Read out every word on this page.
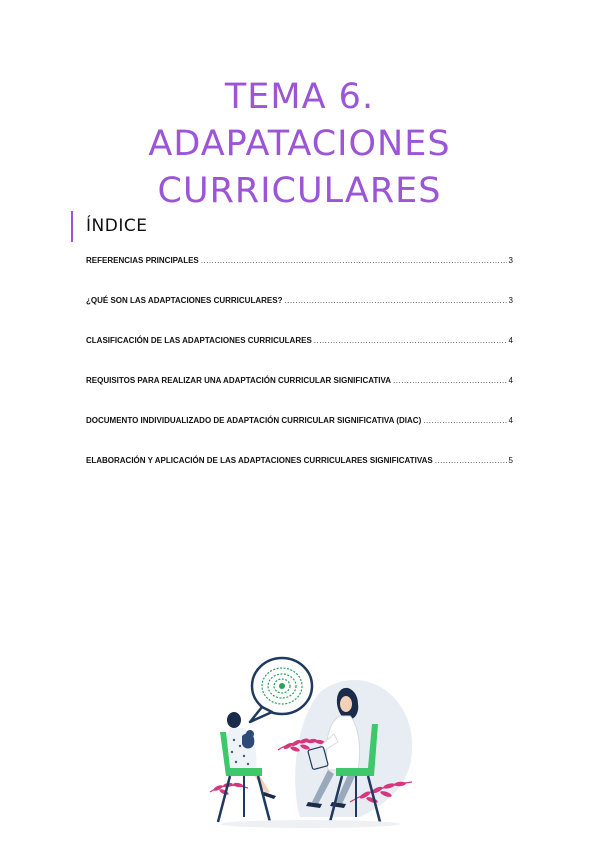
TEMA 6.
ADAPATACIONES
CURRICULARES
ÍNDICE
REFERENCIAS PRINCIPALES .....	3
¿QUÉ SON LAS ADAPTACIONES CURRICULARES? .....	3
CLASIFICACIÓN DE LAS ADAPTACIONES CURRICULARES .....	4
REQUISITOS PARA REALIZAR UNA ADAPTACIÓN CURRICULAR SIGNIFICATIVA .....	4
DOCUMENTO INDIVIDUALIZADO DE ADAPTACIÓN CURRICULAR SIGNIFICATIVA (DIAC) .....	4
ELABORACIÓN Y APLICACIÓN DE LAS ADAPTACIONES CURRICULARES SIGNIFICATIVAS .....	5
